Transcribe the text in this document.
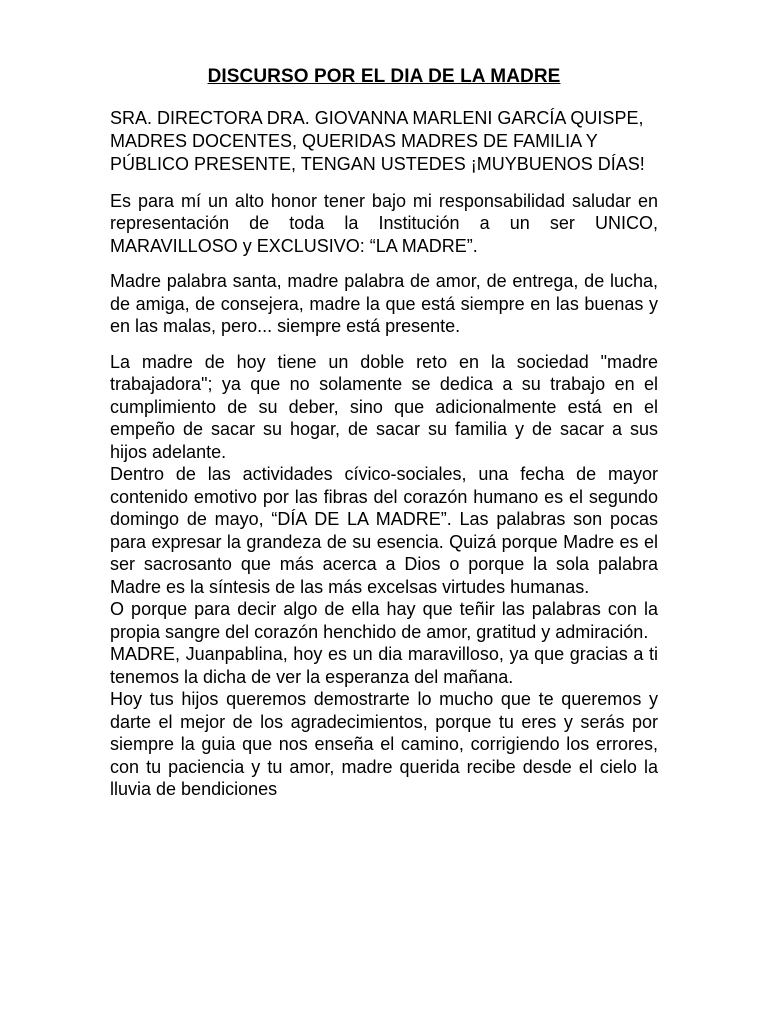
DISCURSO POR EL DIA DE LA MADRE

SRA. DIRECTORA DRA. GIOVANNA MARLENI GARCÍA QUISPE, MADRES DOCENTES, QUERIDAS MADRES DE FAMILIA Y PÚBLICO PRESENTE, TENGAN USTEDES ¡MUYBUENOS DÍAS!

Es para mí un alto honor tener bajo mi responsabilidad saludar en representación de toda la Institución a un ser UNICO, MARAVILLOSO y EXCLUSIVO: “LA MADRE”.

Madre palabra santa, madre palabra de amor, de entrega, de lucha, de amiga, de consejera, madre la que está siempre en las buenas y en las malas, pero... siempre está presente.

La madre de hoy tiene un doble reto en la sociedad "madre trabajadora"; ya que no solamente se dedica a su trabajo en el cumplimiento de su deber, sino que adicionalmente está en el empeño de sacar su hogar, de sacar su familia y de sacar a sus hijos adelante.

Dentro de las actividades cívico-sociales, una fecha de mayor contenido emotivo por las fibras del corazón humano es el segundo domingo de mayo, “DÍA DE LA MADRE”. Las palabras son pocas para expresar la grandeza de su esencia. Quizá porque Madre es el ser sacrosanto que más acerca a Dios o porque la sola palabra Madre es la síntesis de las más excelsas virtudes humanas.

O porque para decir algo de ella hay que teñir las palabras con la propia sangre del corazón henchido de amor, gratitud y admiración.

MADRE, Juanpablina, hoy es un dia maravilloso, ya que gracias a ti tenemos la dicha de ver la esperanza del mañana.

Hoy tus hijos queremos demostrarte lo mucho que te queremos y darte el mejor de los agradecimientos, porque tu eres y serás por siempre la guia que nos enseña el camino, corrigiendo los errores, con tu paciencia y tu amor, madre querida recibe desde el cielo la lluvia de bendiciones
